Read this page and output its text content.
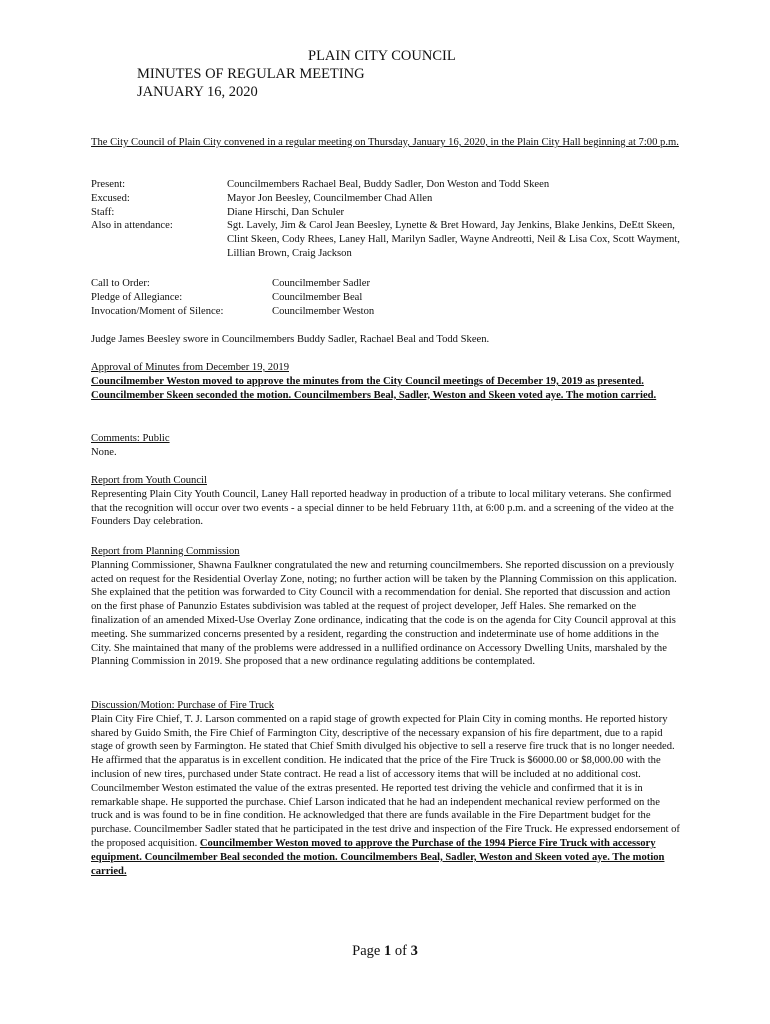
PLAIN CITY COUNCIL
MINUTES OF REGULAR MEETING
JANUARY 16, 2020

The City Council of Plain City convened in a regular meeting on Thursday, January 16, 2020, in the Plain City Hall beginning at 7:00 p.m.

Present:	Councilmembers Rachael Beal, Buddy Sadler, Don Weston and Todd Skeen
Excused:	Mayor Jon Beesley, Councilmember Chad Allen
Staff:	Diane Hirschi, Dan Schuler
Also in attendance:	Sgt. Lavely, Jim & Carol Jean Beesley, Lynette & Bret Howard, Jay Jenkins, Blake Jenkins, DeEtt Skeen, Clint Skeen, Cody Rhees, Laney Hall, Marilyn Sadler, Wayne Andreotti, Neil & Lisa Cox, Scott Wayment, Lillian Brown, Craig Jackson
Call to Order:	Councilmember Sadler
Pledge of Allegiance:	Councilmember Beal
Invocation/Moment of Silence:	Councilmember Weston

Judge James Beesley swore in Councilmembers Buddy Sadler, Rachael Beal and Todd Skeen.

Approval of Minutes from December 19, 2019

Councilmember Weston moved to approve the minutes from the City Council meetings of December 19, 2019 as presented. Councilmember Skeen seconded the motion. Councilmembers Beal, Sadler, Weston and Skeen voted aye. The motion carried.

Comments: Public

None.

Report from Youth Council

Representing Plain City Youth Council, Laney Hall reported headway in production of a tribute to local military veterans. She confirmed that the recognition will occur over two events - a special dinner to be held February 11th, at 6:00 p.m. and a screening of the video at the Founders Day celebration.

Report from Planning Commission

Planning Commissioner, Shawna Faulkner congratulated the new and returning councilmembers. She reported discussion on a previously acted on request for the Residential Overlay Zone, noting; no further action will be taken by the Planning Commission on this application. She explained that the petition was forwarded to City Council with a recommendation for denial. She reported that discussion and action on the first phase of Panunzio Estates subdivision was tabled at the request of project developer, Jeff Hales. She remarked on the finalization of an amended Mixed-Use Overlay Zone ordinance, indicating that the code is on the agenda for City Council approval at this meeting. She summarized concerns presented by a resident, regarding the construction and indeterminate use of home additions in the City. She maintained that many of the problems were addressed in a nullified ordinance on Accessory Dwelling Units, marshaled by the Planning Commission in 2019. She proposed that a new ordinance regulating additions be contemplated.

Discussion/Motion: Purchase of Fire Truck

Plain City Fire Chief, T. J. Larson commented on a rapid stage of growth expected for Plain City in coming months. He reported history shared by Guido Smith, the Fire Chief of Farmington City, descriptive of the necessary expansion of his fire department, due to a rapid stage of growth seen by Farmington. He stated that Chief Smith divulged his objective to sell a reserve fire truck that is no longer needed. He affirmed that the apparatus is in excellent condition. He indicated that the price of the Fire Truck is $6000.00 or $8,000.00 with the inclusion of new tires, purchased under State contract. He read a list of accessory items that will be included at no additional cost. Councilmember Weston estimated the value of the extras presented. He reported test driving the vehicle and confirmed that it is in remarkable shape. He supported the purchase. Chief Larson indicated that he had an independent mechanical review performed on the truck and is was found to be in fine condition. He acknowledged that there are funds available in the Fire Department budget for the purchase. Councilmember Sadler stated that he participated in the test drive and inspection of the Fire Truck. He expressed endorsement of the proposed acquisition. Councilmember Weston moved to approve the Purchase of the 1994 Pierce Fire Truck with accessory equipment. Councilmember Beal seconded the motion. Councilmembers Beal, Sadler, Weston and Skeen voted aye. The motion carried.

Page 1 of 3
